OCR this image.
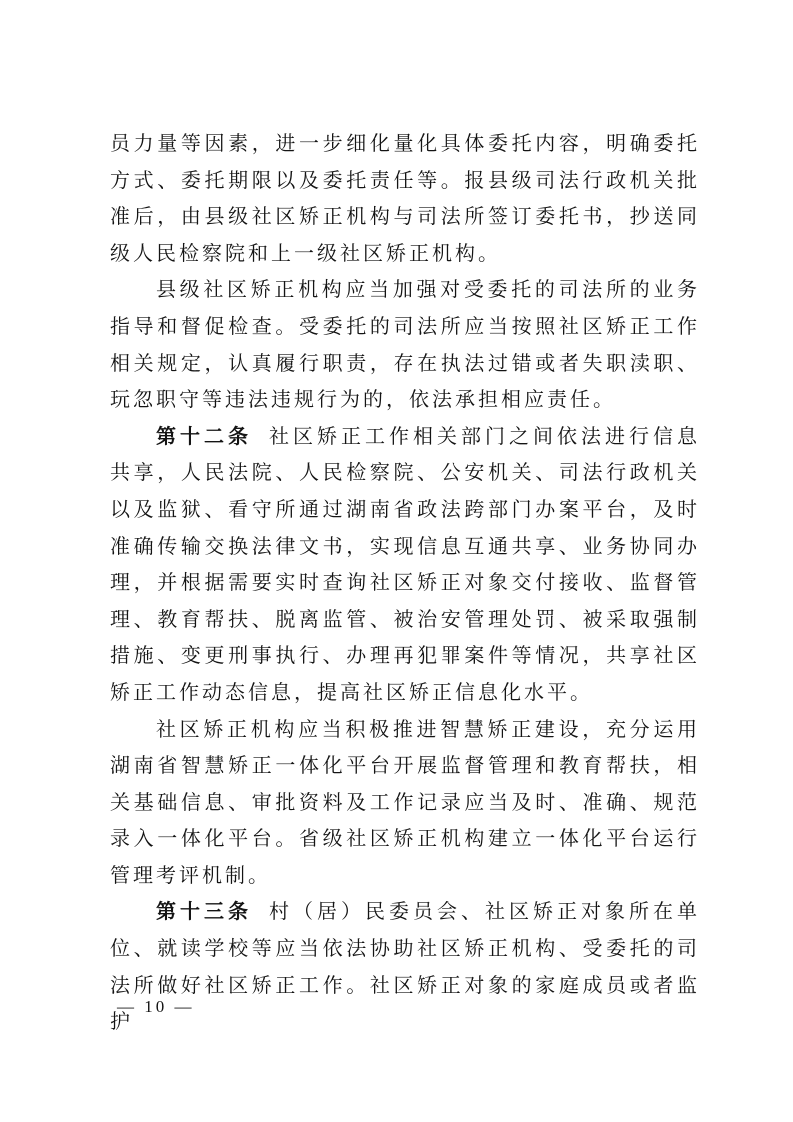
员力量等因素，进一步细化量化具体委托内容，明确委托方式、委托期限以及委托责任等。报县级司法行政机关批准后，由县级社区矫正机构与司法所签订委托书，抄送同级人民检察院和上一级社区矫正机构。

县级社区矫正机构应当加强对受委托的司法所的业务指导和督促检查。受委托的司法所应当按照社区矫正工作相关规定，认真履行职责，存在执法过错或者失职渎职、玩忽职守等违法违规行为的，依法承担相应责任。

第十二条 社区矫正工作相关部门之间依法进行信息共享，人民法院、人民检察院、公安机关、司法行政机关以及监狱、看守所通过湖南省政法跨部门办案平台，及时准确传输交换法律文书，实现信息互通共享、业务协同办理，并根据需要实时查询社区矫正对象交付接收、监督管理、教育帮扶、脱离监管、被治安管理处罚、被采取强制措施、变更刑事执行、办理再犯罪案件等情况，共享社区矫正工作动态信息，提高社区矫正信息化水平。

社区矫正机构应当积极推进智慧矫正建设，充分运用湖南省智慧矫正一体化平台开展监督管理和教育帮扶，相关基础信息、审批资料及工作记录应当及时、准确、规范录入一体化平台。省级社区矫正机构建立一体化平台运行管理考评机制。

第十三条 村（居）民委员会、社区矫正对象所在单位、就读学校等应当依法协助社区矫正机构、受委托的司法所做好社区矫正工作。社区矫正对象的家庭成员或者监护

— 10 —
